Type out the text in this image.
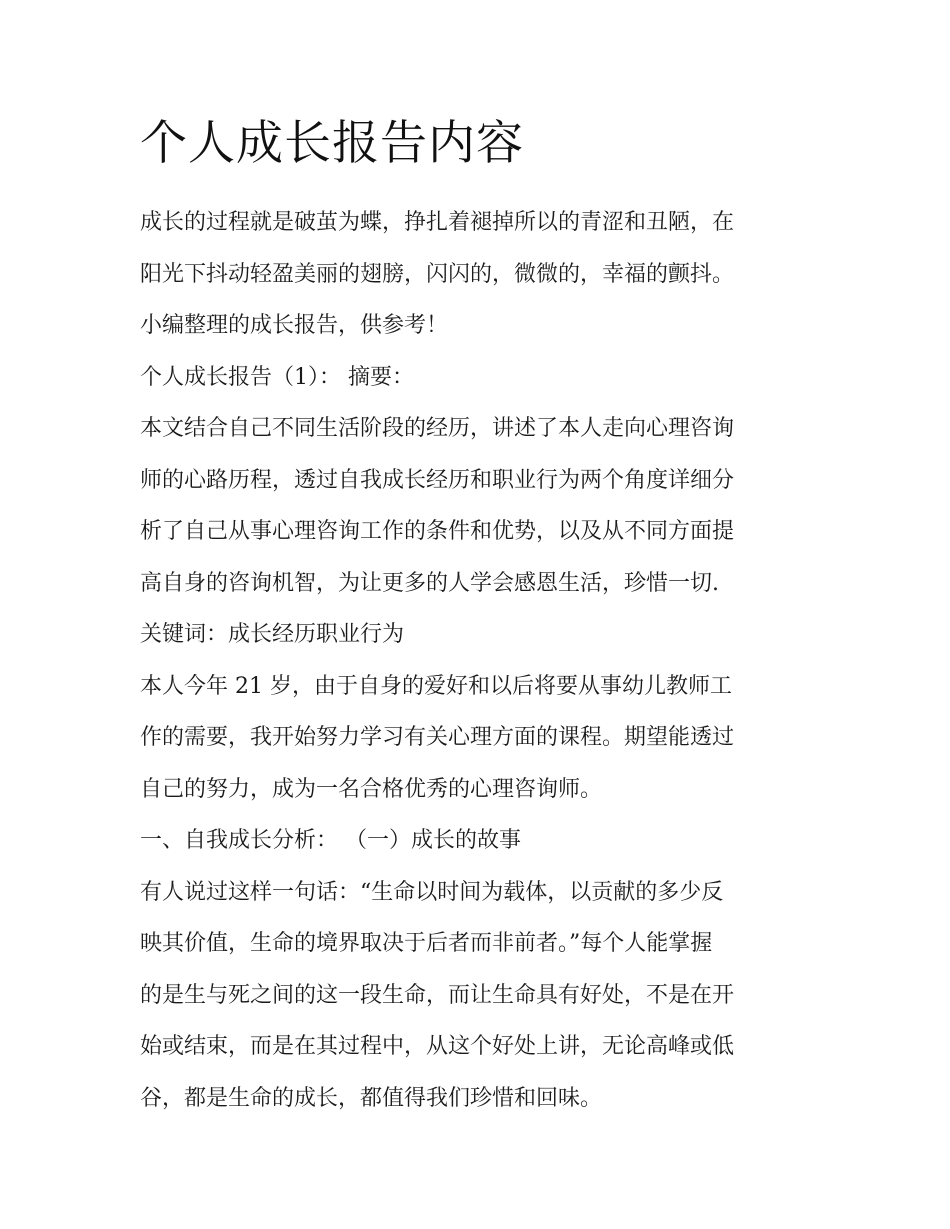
个人成长报告内容
成长的过程就是破茧为蝶，挣扎着褪掉所以的青涩和丑陋，在
阳光下抖动轻盈美丽的翅膀，闪闪的，微微的，幸福的颤抖。
小编整理的成长报告，供参考！
个人成长报告（1）： 摘要：
本文结合自己不同生活阶段的经历，讲述了本人走向心理咨询
师的心路历程，透过自我成长经历和职业行为两个角度详细分
析了自己从事心理咨询工作的条件和优势，以及从不同方面提
高自身的咨询机智，为让更多的人学会感恩生活，珍惜一切.
关键词：成长经历职业行为
本人今年 21 岁，由于自身的爱好和以后将要从事幼儿教师工
作的需要，我开始努力学习有关心理方面的课程。期望能透过
自己的努力，成为一名合格优秀的心理咨询师。
一、自我成长分析： （一）成长的故事
有人说过这样一句话：“生命以时间为载体，以贡献的多少反
映其价值，生命的境界取决于后者而非前者。”每个人能掌握
的是生与死之间的这一段生命，而让生命具有好处，不是在开
始或结束，而是在其过程中，从这个好处上讲，无论高峰或低
谷，都是生命的成长，都值得我们珍惜和回味。
